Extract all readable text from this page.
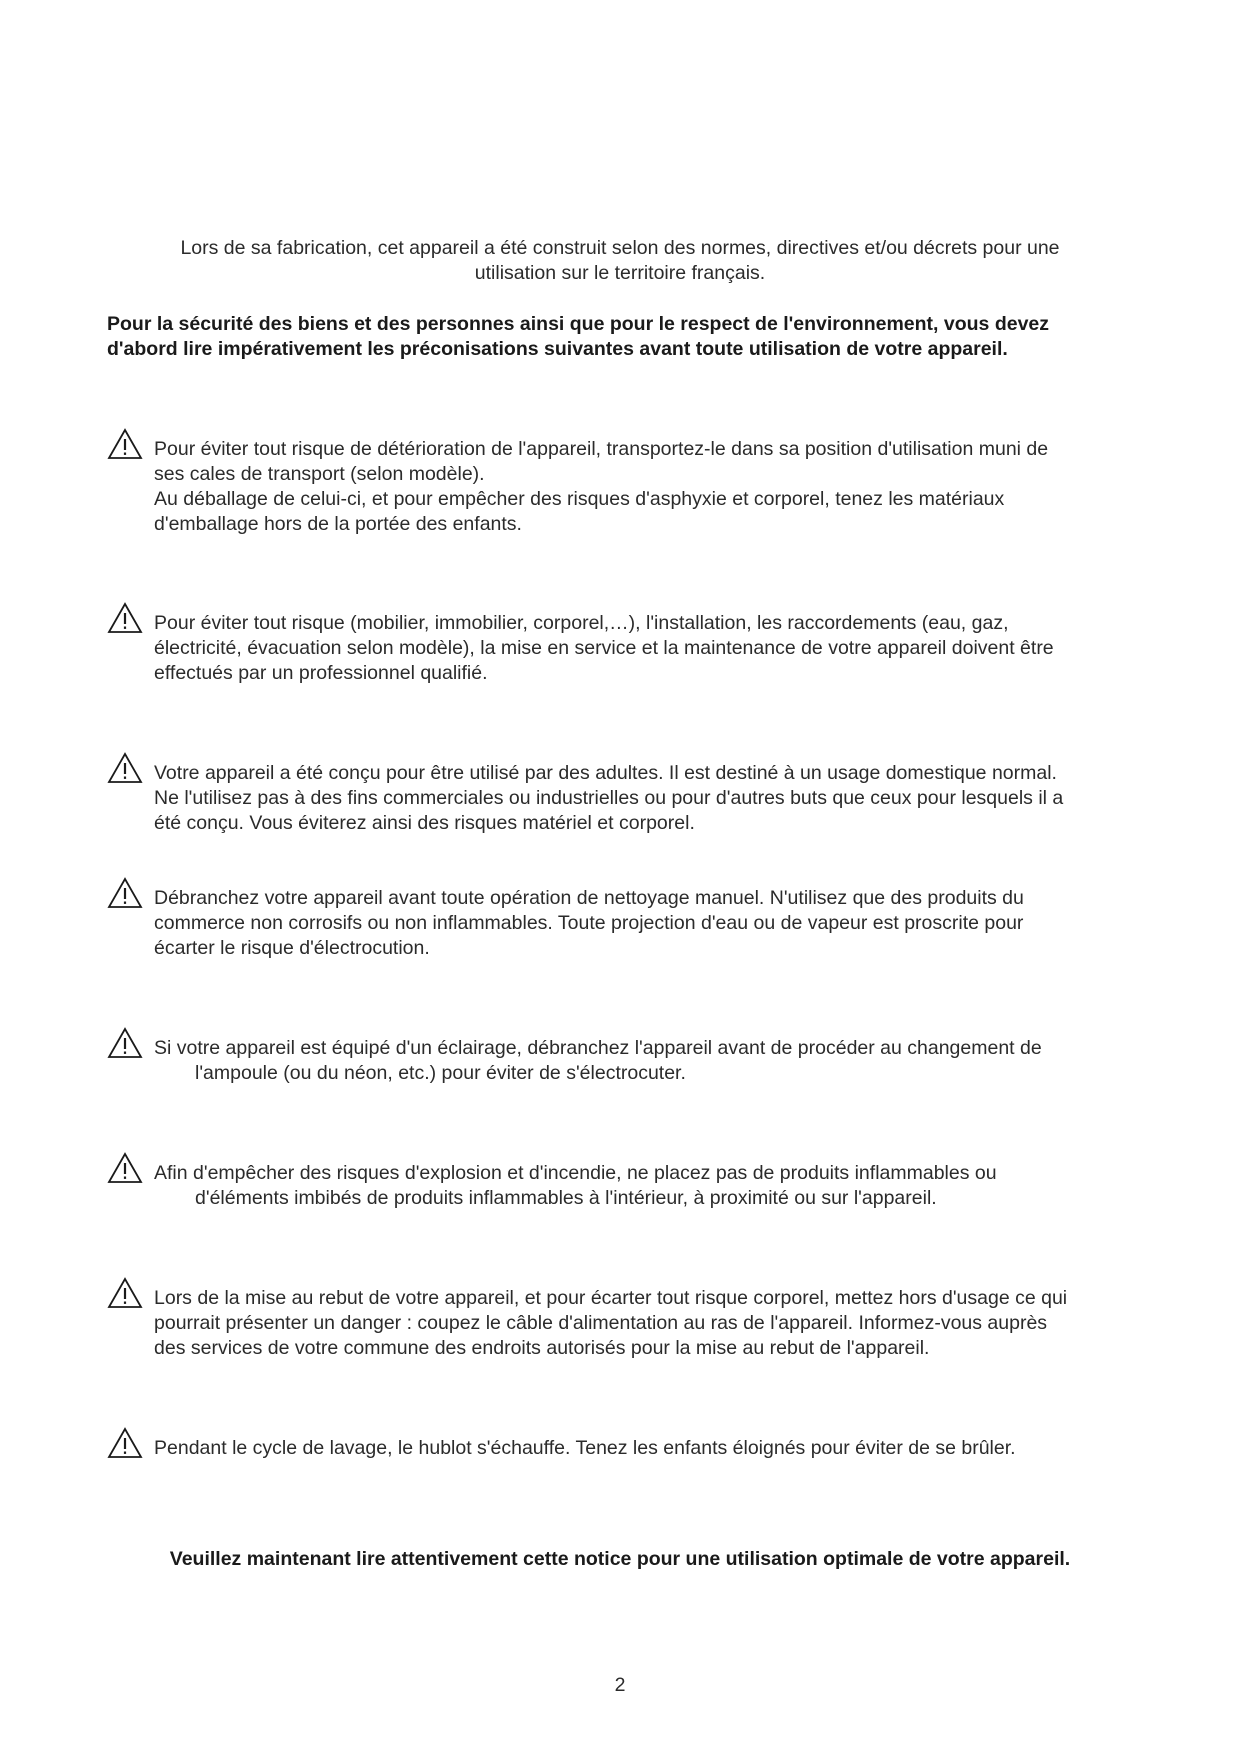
Lors de sa fabrication, cet appareil a été construit selon des normes, directives et/ou décrets pour une
utilisation sur le territoire français.

Pour la sécurité des biens et des personnes ainsi que pour le respect de l'environnement, vous devez
d'abord lire impérativement les préconisations suivantes avant toute utilisation de votre appareil.

Pour éviter tout risque de détérioration de l'appareil, transportez-le dans sa position d'utilisation muni de
ses cales de transport (selon modèle).
Au déballage de celui-ci, et pour empêcher des risques d'asphyxie et corporel, tenez les matériaux
d'emballage hors de la portée des enfants.

Pour éviter tout risque (mobilier, immobilier, corporel,…), l'installation, les raccordements (eau, gaz,
électricité, évacuation selon modèle), la mise en service et la maintenance de votre appareil doivent être
effectués par un professionnel qualifié.

Votre appareil a été conçu pour être utilisé par des adultes. Il est destiné à un usage domestique normal.
Ne l'utilisez pas à des fins commerciales ou industrielles ou pour d'autres buts que ceux pour lesquels il a
été conçu. Vous éviterez ainsi des risques matériel et corporel.

Débranchez votre appareil avant toute opération de nettoyage manuel. N'utilisez que des produits du
commerce non corrosifs ou non inflammables. Toute projection d'eau ou de vapeur est proscrite pour
écarter le risque d'électrocution.

Si votre appareil est équipé d'un éclairage, débranchez l'appareil avant de procéder au changement de

l'ampoule (ou du néon, etc.) pour éviter de s'électrocuter.

Afin d'empêcher des risques d'explosion et d'incendie, ne placez pas de produits inflammables ou

d'éléments imbibés de produits inflammables à l'intérieur, à proximité ou sur l'appareil.

Lors de la mise au rebut de votre appareil, et pour écarter tout risque corporel, mettez hors d'usage ce qui
pourrait présenter un danger : coupez le câble d'alimentation au ras de l'appareil. Informez-vous auprès
des services de votre commune des endroits autorisés pour la mise au rebut de l'appareil.

Pendant le cycle de lavage, le hublot s'échauffe. Tenez les enfants éloignés pour éviter de se brûler.

Veuillez maintenant lire attentivement cette notice pour une utilisation optimale de votre appareil.

2
